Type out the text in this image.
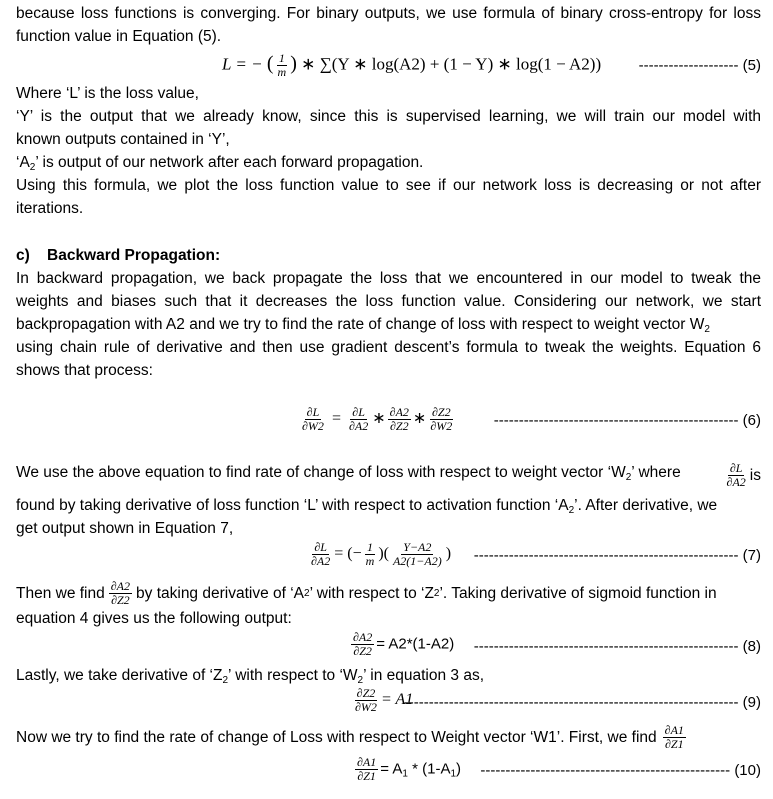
because loss functions is converging. For binary outputs, we use formula of binary cross-entropy for loss
function value in Equation (5).
L = − ( $\frac{1}{m}$ ) ∗ ∑(Y ∗ log(A2) + (1 − Y) ∗ log(1 − A2)) -------------------- (5)
Where ‘L’ is the loss value,
‘Y’ is the output that we already know, since this is supervised learning, we will train our model with
known outputs contained in ‘Y’,
‘$A_2$’ is output of our network after each forward propagation.
Using this formula, we plot the loss function value to see if our network loss is decreasing or not after
iterations.
c)    Backward Propagation:
In backward propagation, we back propagate the loss that we encountered in our model to tweak the
weights and biases such that it decreases the loss function value. Considering our network, we start
backpropagation with A2 and we try to find the rate of change of loss with respect to weight vector $W_2$
using chain rule of derivative and then use gradient descent’s formula to tweak the weights. Equation 6
shows that process:
$\frac{\partial L}{\partial W2} = \frac{\partial L}{\partial A2}$ ∗ $\frac{\partial A2}{\partial Z2}$ ∗ $\frac{\partial Z2}{\partial W2}$	------------------------------------------------- (6)
We use the above equation to find rate of change of loss with respect to weight vector ‘$W_2$’ where	$\frac{\partial L}{\partial A2}$ is
found by taking derivative of loss function ‘L’ with respect to activation function ‘$A_2$’. After derivative, we
get output shown in Equation 7,
$\frac{\partial L}{\partial A2}$ = (− $\frac{1}{m}$ )( $\frac{Y-A2}{A2(1-A2)}$ ) ----------------------------------------------------- (7)
Then we find $\frac{\partial A2}{\partial Z2}$ by taking derivative of ‘A 2 ’ with respect to ‘Z 2 ’. Taking derivative of sigmoid function in
equation 4 gives us the following output:
$\frac{\partial A2}{\partial Z2} = A2*(1-A2)$ ----------------------------------------------------- (8)
Lastly, we take derivative of ‘$Z_2$’ with respect to ‘$W_2$’ in equation 3 as,
$\frac{\partial Z2}{\partial W2} = A1$
------------------------------------------------------------------- (9)
Now we try to find the rate of change of Loss with respect to Weight vector ‘W1’. First, we find $\frac{\partial A1}{\partial Z1}$
$\frac{\partial A1}{\partial Z1} = A_1 * (1-A_1)$ -------------------------------------------------- (10)
